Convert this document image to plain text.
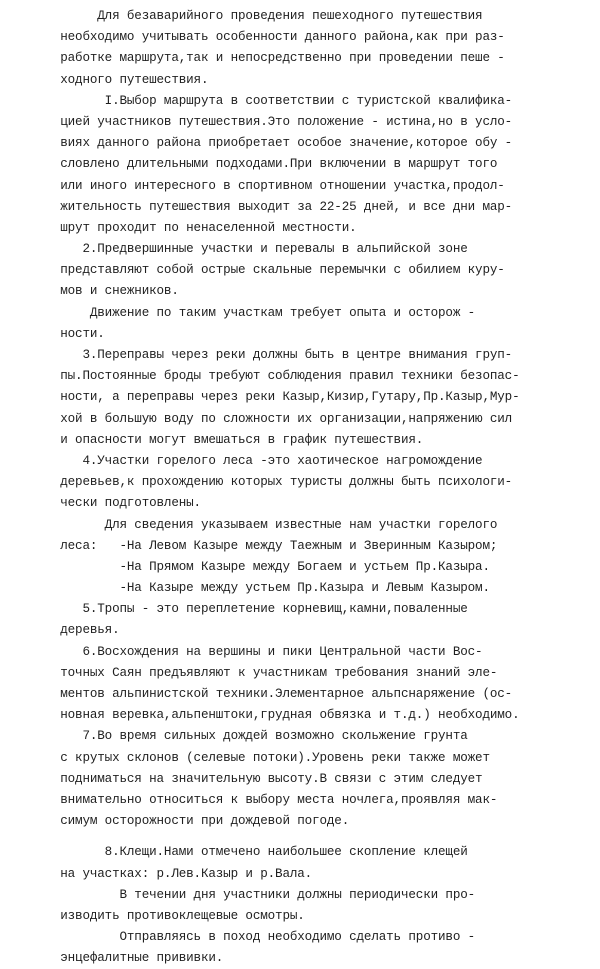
Для безаварийного проведения пешеходного путешествия
необходимо учитывать особенности данного района,как при раз-
работке маршрута,так и непосредственно при проведении пеше -
ходного путешествия.
I.Выбор маршрута в соответствии с туристской квалифика-
цией участников путешествия.Это положение - истина,но в усло-
виях данного района приобретает особое значение,которое обу -
словлено длительными подходами.При включении в маршрут того
или иного интересного в спортивном отношении участка,продол-
жительность путешествия выходит за 22-25 дней, и все дни мар-
шрут проходит по ненаселенной местности.
2.Предвершинные участки и перевалы в альпийской зоне
представляют собой острые скальные перемычки с обилием куру-
мов и снежников.
Движение по таким участкам требует опыта и осторож -
ности.
3.Переправы через реки должны быть в центре внимания груп-
пы.Постоянные броды требуют соблюдения правил техники безопас-
ности, а переправы через реки Казыр,Кизир,Гутару,Пр.Казыр,Мур-
хой в большую воду по сложности их организации,напряжению сил
и опасности могут вмешаться в график путешествия.
4.Участки горелого леса -это хаотическое нагромождение
деревьев,к прохождению которых туристы должны быть психологи-
чески подготовлены.
Для сведения указываем известные нам участки горелого
леса:   -На Левом Казыре между Таежным и Зверинным Казыром;
-На Прямом Казыре между Богаем и устьем Пр.Казыра.
-На Казыре между устьем Пр.Казыра и Левым Казыром.
5.Тропы - это переплетение корневищ,камни,поваленные
деревья.
6.Восхождения на вершины и пики Центральной части Вос-
точных Саян предъявляют к участникам требования знаний эле-
ментов альпинистской техники.Элементарное альпснаряжение (ос-
новная веревка,альпенштоки,грудная обвязка и т.д.) необходимо.
7.Во время сильных дождей возможно скольжение грунта
с крутых склонов (селевые потоки).Уровень реки также может
подниматься на значительную высоту.В связи с этим следует
внимательно относиться к выбору места ночлега,проявляя мак-
симум осторожности при дождевой погоде.
8.Клещи.Нами отмечено наибольшее скопление клещей
на участках: р.Лев.Казыр и р.Вала.
В течении дня участники должны периодически про-
изводить противоклещевые осмотры.
Отправляясь в поход необходимо сделать противо -
энцефалитные прививки.
